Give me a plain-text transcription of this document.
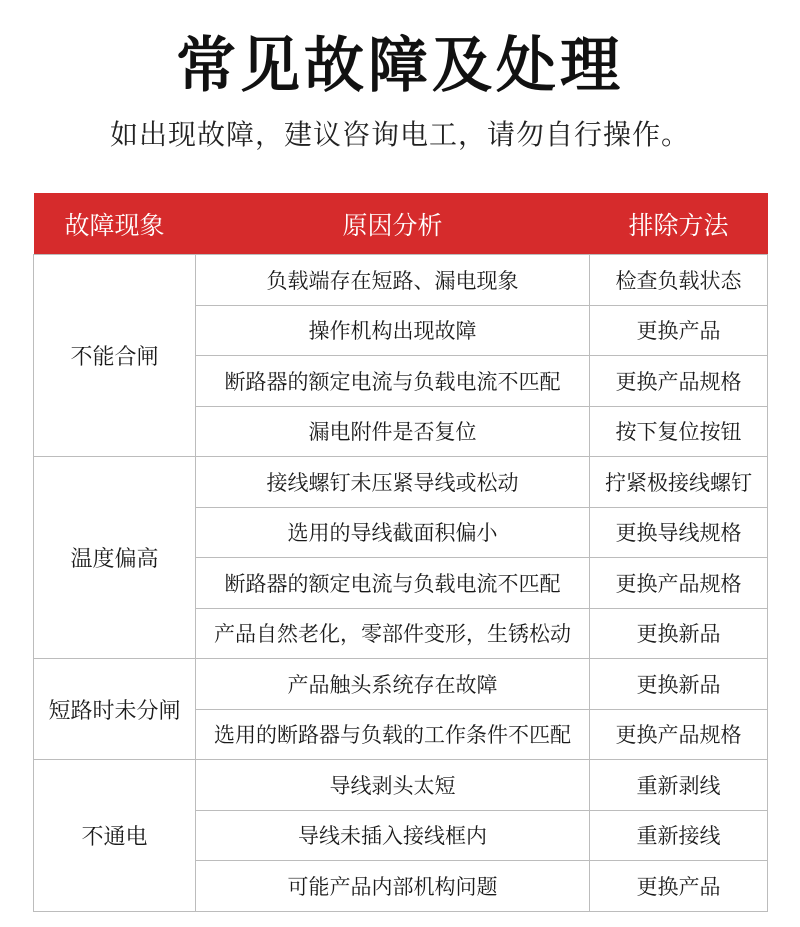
常见故障及处理
如出现故障，建议咨询电工，请勿自行操作。
故障现象	原因分析	排除方法
不能合闸	负载端存在短路、漏电现象	检查负载状态
	操作机构出现故障	更换产品
	断路器的额定电流与负载电流不匹配	更换产品规格
	漏电附件是否复位	按下复位按钮
温度偏高	接线螺钉未压紧导线或松动	拧紧极接线螺钉
	选用的导线截面积偏小	更换导线规格
	断路器的额定电流与负载电流不匹配	更换产品规格
	产品自然老化，零部件变形，生锈松动	更换新品
短路时未分闸	产品触头系统存在故障	更换新品
	选用的断路器与负载的工作条件不匹配	更换产品规格
不通电	导线剥头太短	重新剥线
	导线未插入接线框内	重新接线
	可能产品内部机构问题	更换产品
